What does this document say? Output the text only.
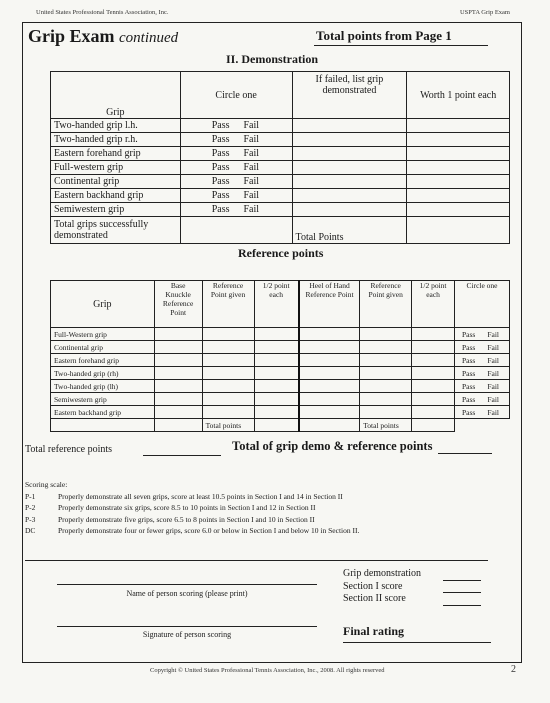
United States Professional Tennis Association, Inc.	USPTA Grip Exam
Grip Exam continued	Total points from Page 1
II. Demonstration
Grip	Circle one	If failed, list grip demonstrated	Worth 1 point each
Two-handed grip l.h.	Pass Fail		

Two-handed grip r.h.	Pass Fail		

Eastern forehand grip	Pass Fail		

Full-western grip	Pass Fail		

Continental grip	Pass Fail		

Eastern backhand grip	Pass Fail		

Semiwestern grip	Pass Fail		

Total grips successfully demonstrated		Total Points	
Reference points
Grip	Base Knuckle Reference Point	Reference Point given	1/2 point each	Heel of Hand Reference Point	Reference Point given	1/2 point each	Circle one
Full-Western grip							Pass Fail

Continental grip							Pass Fail

Eastern forehand grip							Pass Fail

Two-handed grip (rh)							Pass Fail

Two-handed grip (lh)							Pass Fail

Semiwestern grip							Pass Fail

Eastern backhand grip							Pass Fail

		Total points			Total points		
Total reference points	Total of grip demo & reference points
Scoring scale:
P-1	Properly demonstrate all seven grips, score at least 10.5 points in Section I and 14 in Section II
P-2	Properly demonstrate six grips, score 8.5 to 10 points in Section I and 12 in Section II
P-3	Properly demonstrate five grips, score 6.5 to 8 points in Section I and 10 in Section II
DC	Properly demonstrate four or fewer grips, score 6.0 or below in Section I and below 10 in Section II.
Name of person scoring (please print)
Signature of person scoring
Grip demonstration
Section I score
Section II score
Final rating
Copyright © United States Professional Tennis Association, Inc., 2008. All rights reserved	2
